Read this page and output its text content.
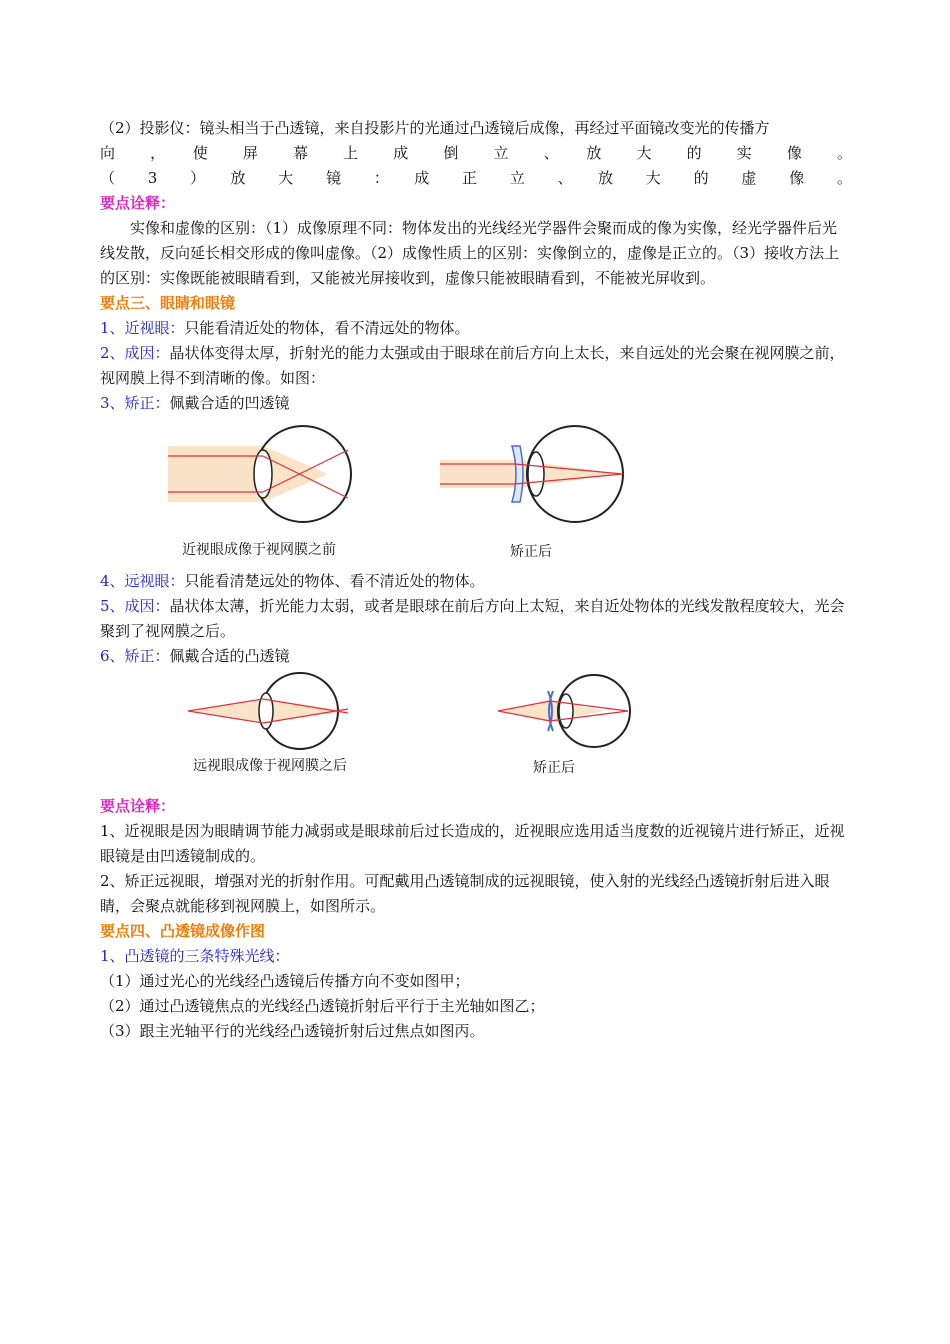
（2）投影仪：镜头相当于凸透镜，来自投影片的光通过凸透镜后成像，再经过平面镜改变光的传播方
向　，　使　屏　幕　上　成　倒　立　、　放　大　的　实　像　。
（　3　）　放　大　镜　：　成　正　立　、　放　大　的　虚　像　。
要点诠释：
实像和虚像的区别：（1）成像原理不同：物体发出的光线经光学器件会聚而成的像为实像，经光学器件后光线发散，反向延长相交形成的像叫虚像。（2）成像性质上的区别：实像倒立的，虚像是正立的。（3）接收方法上的区别：实像既能被眼睛看到，又能被光屏接收到，虚像只能被眼睛看到，不能被光屏收到。
要点三、眼睛和眼镜
1、近视眼：只能看清近处的物体，看不清远处的物体。
2、成因：晶状体变得太厚，折射光的能力太强或由于眼球在前后方向上太长，来自远处的光会聚在视网膜之前，视网膜上得不到清晰的像。如图：
3、矫正：佩戴合适的凹透镜
近视眼成像于视网膜之前	矫正后
4、远视眼：只能看清楚远处的物体、看不清近处的物体。
5、成因：晶状体太薄，折光能力太弱，或者是眼球在前后方向上太短，来自近处物体的光线发散程度较大，光会聚到了视网膜之后。
6、矫正：佩戴合适的凸透镜
远视眼成像于视网膜之后	矫正后
要点诠释：
1、近视眼是因为眼睛调节能力减弱或是眼球前后过长造成的，近视眼应选用适当度数的近视镜片进行矫正，近视眼镜是由凹透镜制成的。
2、矫正远视眼，增强对光的折射作用。可配戴用凸透镜制成的远视眼镜，使入射的光线经凸透镜折射后进入眼睛，会聚点就能移到视网膜上，如图所示。
要点四、凸透镜成像作图
1、凸透镜的三条特殊光线：
（1）通过光心的光线经凸透镜后传播方向不变如图甲；
（2）通过凸透镜焦点的光线经凸透镜折射后平行于主光轴如图乙；
（3）跟主光轴平行的光线经凸透镜折射后过焦点如图丙。
